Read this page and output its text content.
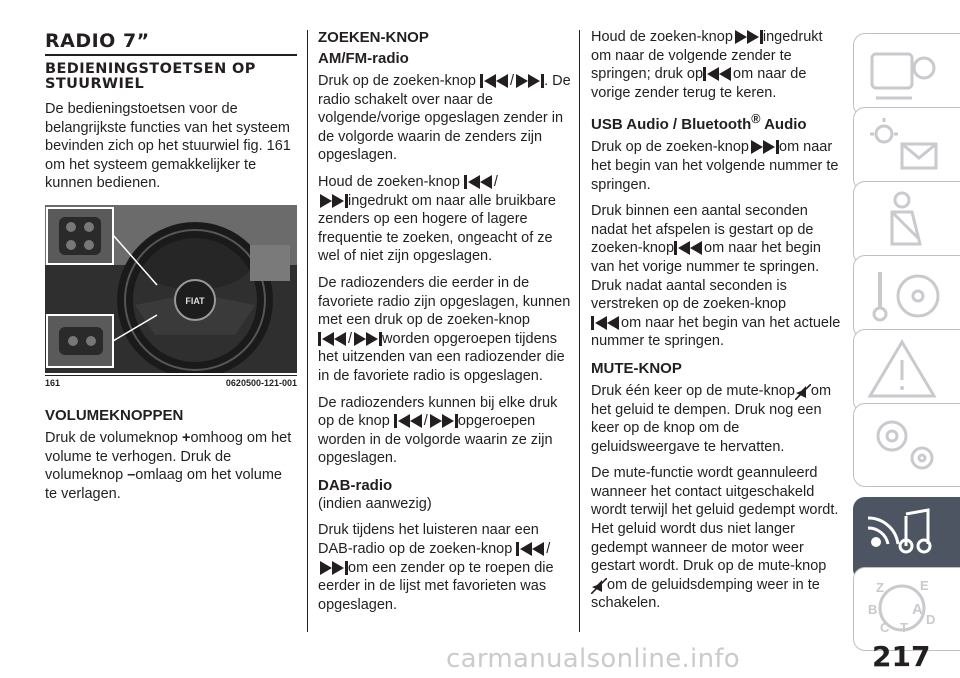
RADIO 7”
BEDIENINGSTOETSEN OP STUURWIEL

De bedieningstoetsen voor de belangrijkste functies van het systeem bevinden zich op het stuurwiel fig. 161 om het systeem gemakkelijker te kunnen bedienen.

FIAT
161	0620500-121-001
VOLUMEKNOPPEN

Druk de volumeknop +omhoog om het volume te verhogen. Druk de volumeknop –omlaag om het volume te verlagen.

ZOEKEN-KNOP
AM/FM-radio

Druk op de zoeken-knop / . De radio schakelt over naar de volgende/vorige opgeslagen zender in de volgorde waarin de zenders zijn opgeslagen.

Houd de zoeken-knop /

ingedrukt om naar alle bruikbare zenders op een hogere of lagere frequentie te zoeken, ongeacht of ze wel of niet zijn opgeslagen.

De radiozenders die eerder in de favoriete radio zijn opgeslagen, kunnen met een druk op de zoeken-knop

/ worden opgeroepen tijdens het uitzenden van een radiozender die in de favoriete radio is opgeslagen.

De radiozenders kunnen bij elke druk op de knop / opgeroepen worden in de volgorde waarin ze zijn opgeslagen.

DAB-radio
(indien aanwezig)

Druk tijdens het luisteren naar een DAB-radio op de zoeken-knop /

om een zender op te roepen die eerder in de lijst met favorieten was opgeslagen.

Houd de zoeken-knop ingedrukt om naar de volgende zender te springen; druk op om naar de vorige zender terug te keren.

USB Audio / Bluetooth® Audio

Druk op de zoeken-knop om naar het begin van het volgende nummer te springen.

Druk binnen een aantal seconden nadat het afspelen is gestart op de zoeken-knop om naar het begin van het vorige nummer te springen. Druk nadat aantal seconden is verstreken op de zoeken-knop

om naar het begin van het actuele nummer te springen.

MUTE-KNOP

Druk één keer op de mute-knop om het geluid te dempen. Druk nog een keer op de knop om de geluidsweergave te hervatten.

De mute-functie wordt geannuleerd wanneer het contact uitgeschakeld wordt terwijl het geluid gedempt wordt. Het geluid wordt dus niet langer gedempt wanneer de motor weer gestart wordt. Druk op de mute-knop

om de geluidsdemping weer in te schakelen.

Z	E
B A
C T
D
carmanualsonline.info	217
